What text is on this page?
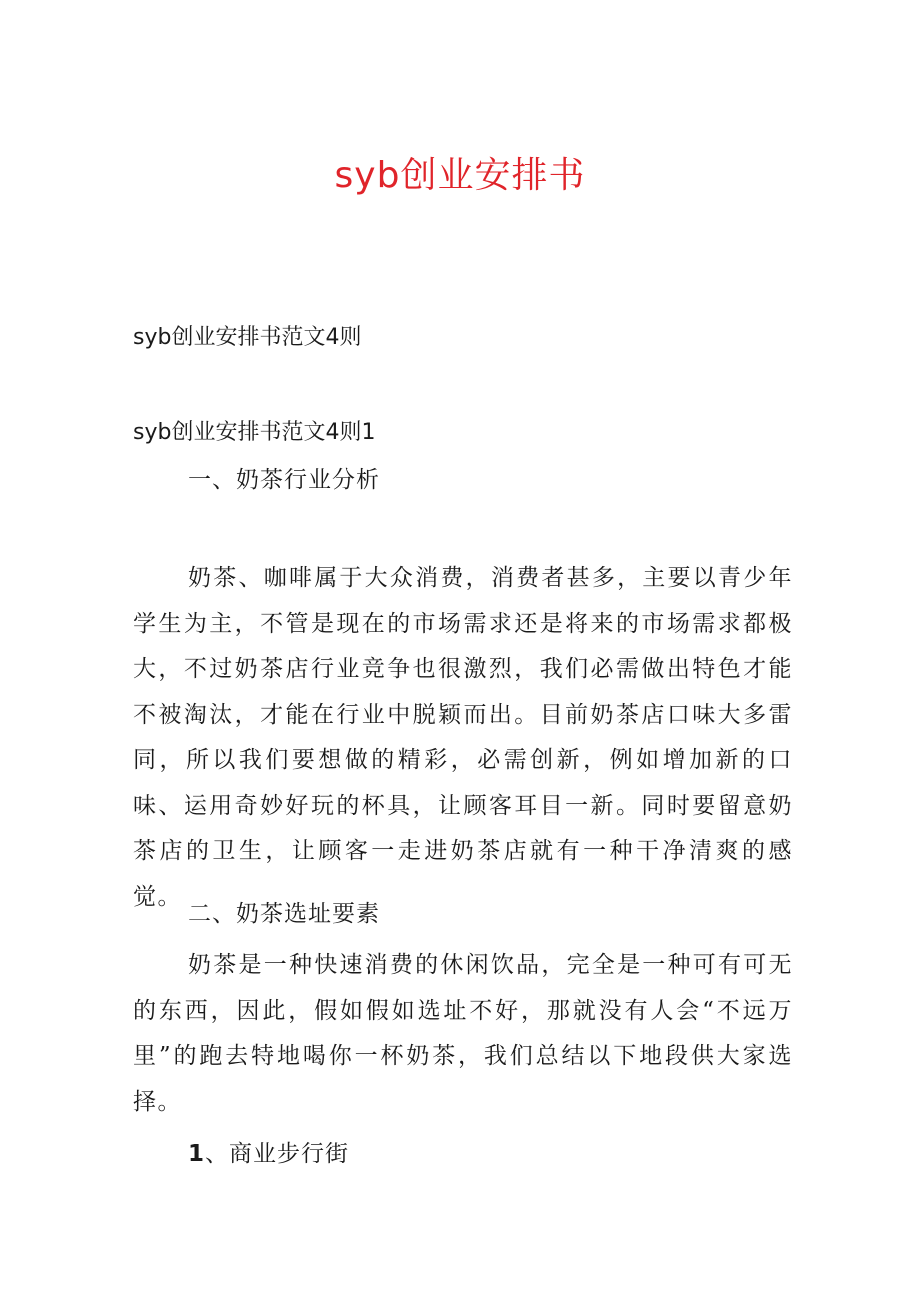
syb创业安排书
syb创业安排书范文4则
syb创业安排书范文4则1
一、奶茶行业分析

奶茶、咖啡属于大众消费，消费者甚多，主要以青少年学生为主，不管是现在的市场需求还是将来的市场需求都极大，不过奶茶店行业竞争也很激烈，我们必需做出特色才能不被淘汰，才能在行业中脱颖而出。目前奶茶店口味大多雷同，所以我们要想做的精彩，必需创新，例如增加新的口味、运用奇妙好玩的杯具，让顾客耳目一新。同时要留意奶茶店的卫生，让顾客一走进奶茶店就有一种干净清爽的感觉。

二、奶茶选址要素

奶茶是一种快速消费的休闲饮品，完全是一种可有可无的东西，因此，假如假如选址不好，那就没有人会“不远万里”的跑去特地喝你一杯奶茶，我们总结以下地段供大家选择。

1、商业步行街
